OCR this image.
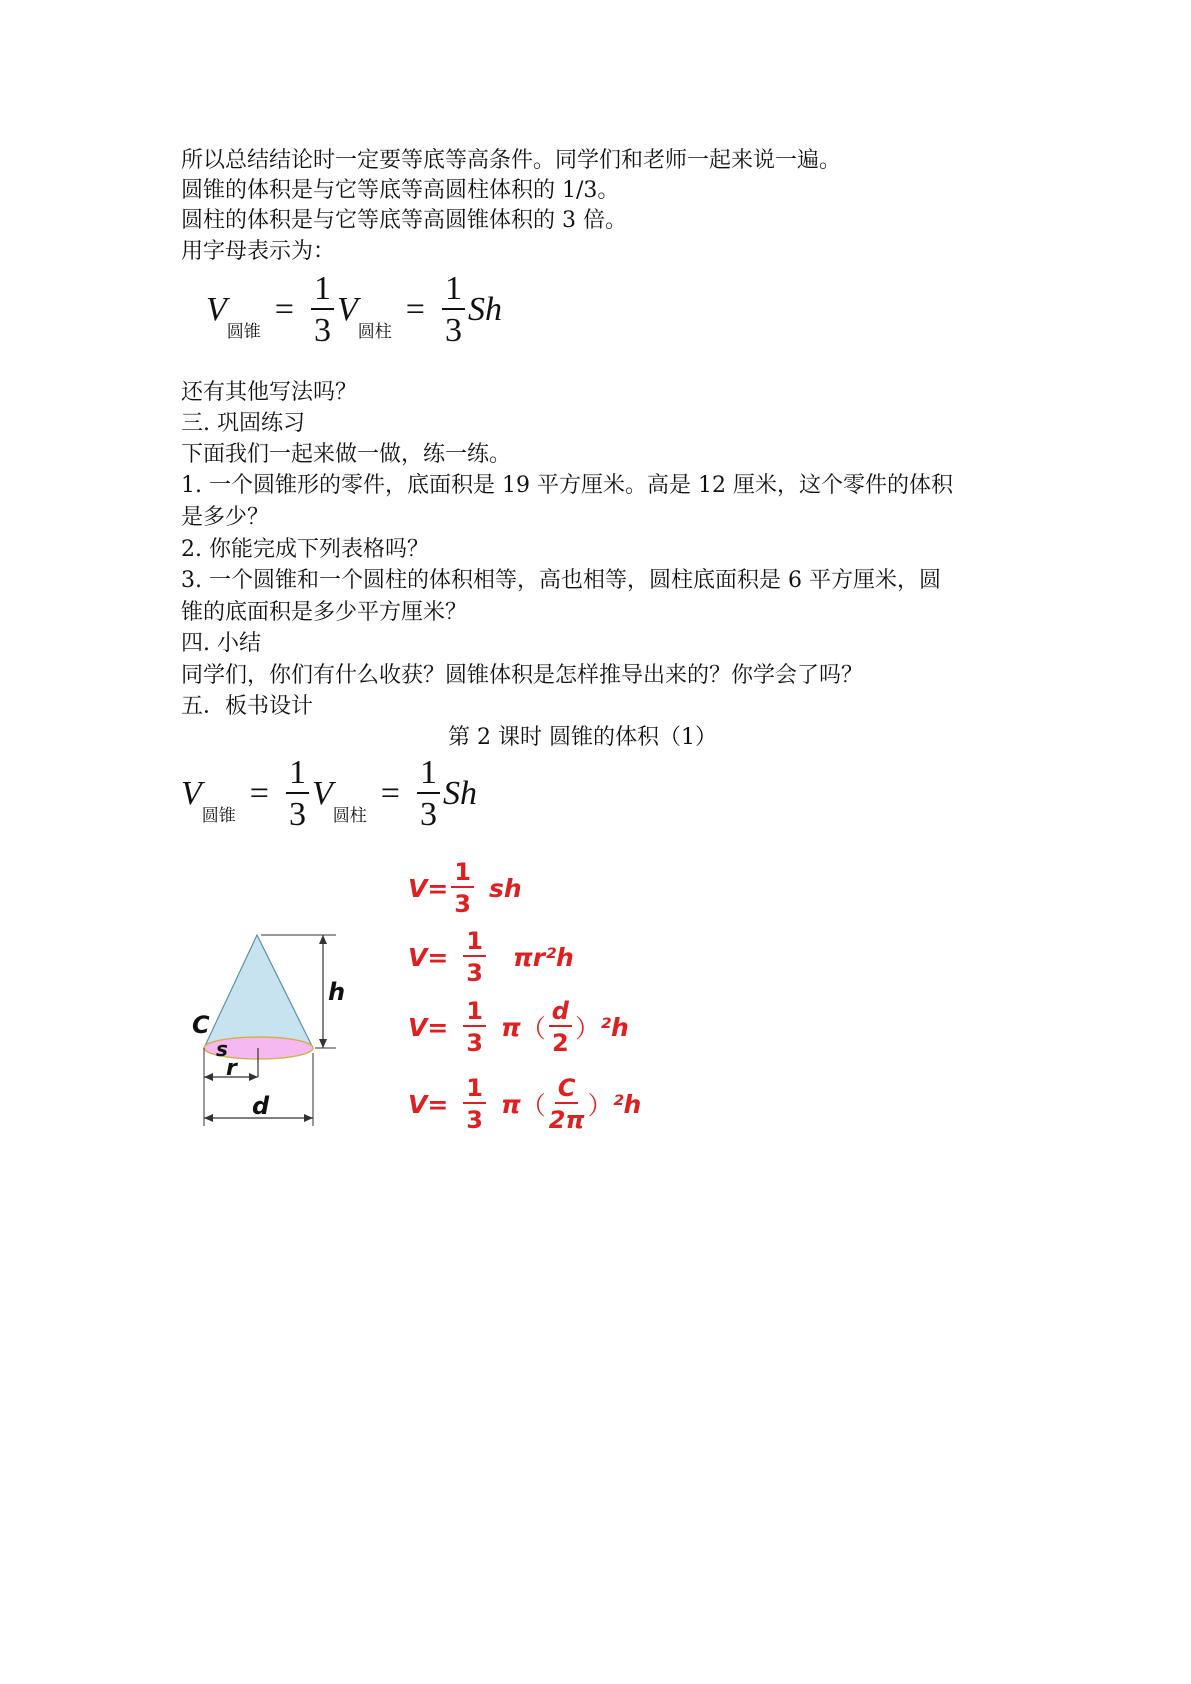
所以总结结论时一定要等底等高条件。同学们和老师一起来说一遍。
圆锥的体积是与它等底等高圆柱体积的 1/3。
圆柱的体积是与它等底等高圆锥体积的 3 倍。
用字母表示为：
V
圆锥
= $\frac{1}{3}$ V
圆柱
= $\frac{1}{3}$ Sh
还有其他写法吗？
三. 巩固练习
下面我们一起来做一做，练一练。
1. 一个圆锥形的零件，底面积是 19 平方厘米。高是 12 厘米，这个零件的体积
是多少？
2. 你能完成下列表格吗？
3. 一个圆锥和一个圆柱的体积相等，高也相等，圆柱底面积是 6 平方厘米，圆
锥的底面积是多少平方厘米？
四. 小结
同学们，你们有什么收获？圆锥体积是怎样推导出来的？你学会了吗？
五．板书设计
第 2 课时 圆锥的体积（1）
V
圆锥
= $\frac{1}{3}$ V
圆柱
= $\frac{1}{3}$ Sh
h
C
s
r
d
$V= \frac{1}{3}$ sh
$V= \frac{1}{3} \pi r^2h$
$V= \frac{1}{3}$ π （ $\frac{d}{2}$ ） ²h
$V= \frac{1}{3}$ π （ $\frac{C}{2\pi}$ ） ²h
